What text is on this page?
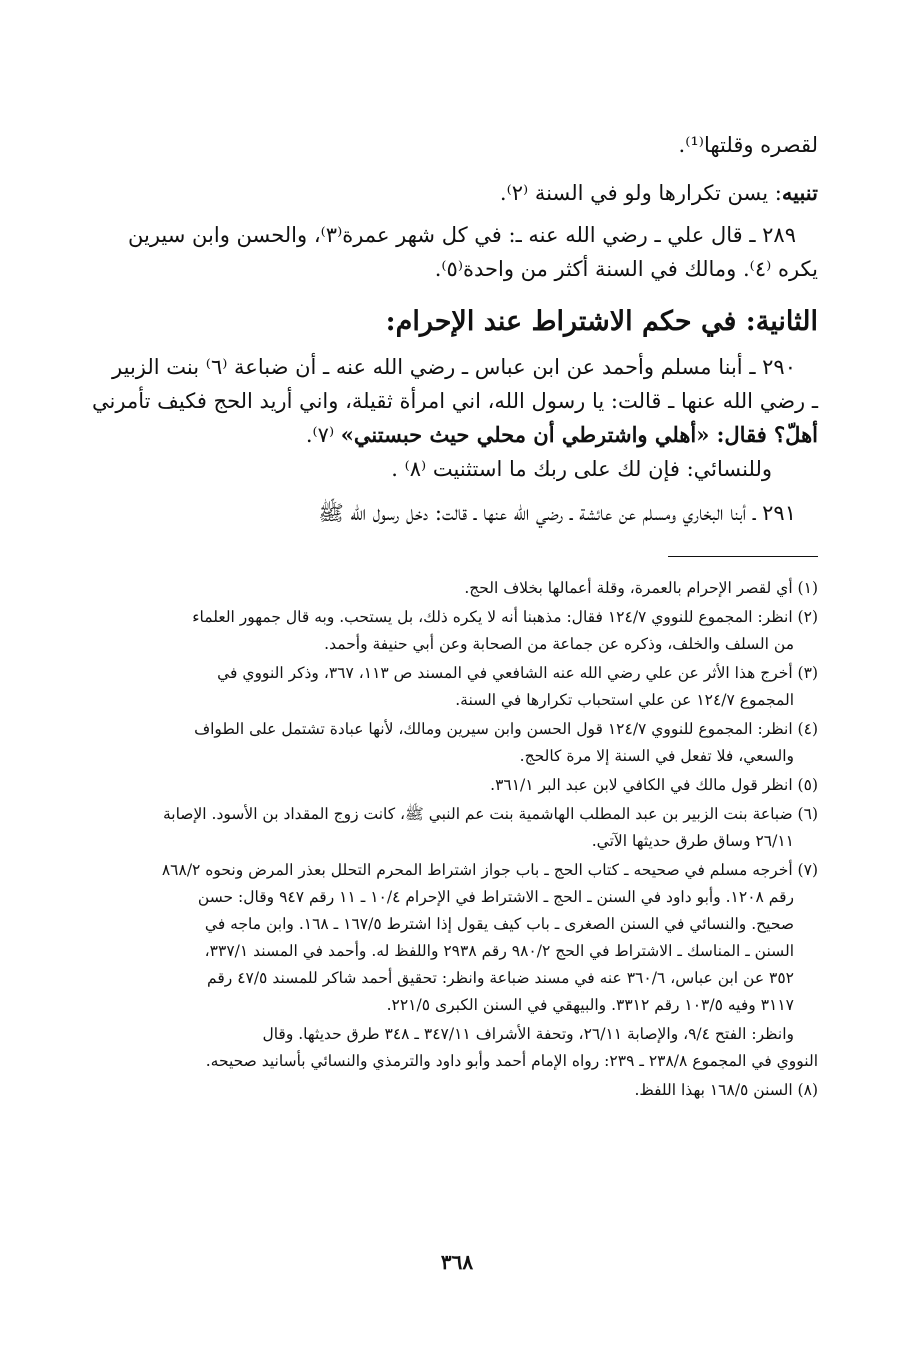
لقصره وقلتها⁽¹⁾.

تنبيه: يسن تكرارها ولو في السنة ⁽٢⁾.

٢٨٩ ـ قال علي ـ رضي الله عنه ـ: في كل شهر عمرة⁽٣⁾، والحسن وابن سيرين

يكره ⁽٤⁾. ومالك في السنة أكثر من واحدة⁽٥⁾.

الثانية: في حكم الاشتراط عند الإحرام:

٢٩٠ ـ أبنا مسلم وأحمد عن ابن عباس ـ رضي الله عنه ـ أن ضباعة ⁽٦⁾ بنت الزبير

ـ رضي الله عنها ـ قالت: يا رسول الله، اني امرأة ثقيلة، واني أريد الحج فكيف تأمرني
أهلّ؟ فقال: «أهلي واشترطي أن محلي حيث حبستني» ⁽٧⁾.

وللنسائي: فإن لك على ربك ما استثنيت ⁽٨⁾ .

٢٩١ ـ أبنا البخاري ومسلم عن عائشة ـ رضي الله عنها ـ قالت: دخل رسول الله ﷺ

(١) أي لقصر الإحرام بالعمرة، وقلة أعمالها بخلاف الحج.
(٢) انظر: المجموع للنووي ١٢٤/٧ فقال: مذهبنا أنه لا يكره ذلك، بل يستحب. وبه قال جمهور العلماء
من السلف والخلف، وذكره عن جماعة من الصحابة وعن أبي حنيفة وأحمد.
(٣) أخرج هذا الأثر عن علي رضي الله عنه الشافعي في المسند ص ١١٣، ٣٦٧، وذكر النووي في
المجموع ١٢٤/٧ عن علي استحباب تكرارها في السنة.
(٤) انظر: المجموع للنووي ١٢٤/٧ قول الحسن وابن سيرين ومالك، لأنها عبادة تشتمل على الطواف
والسعي، فلا تفعل في السنة إلا مرة كالحج.
(٥) انظر قول مالك في الكافي لابن عبد البر ٣٦١/١.
(٦) ضباعة بنت الزبير بن عبد المطلب الهاشمية بنت عم النبي ﷺ، كانت زوج المقداد بن الأسود. الإصابة
٢٦/١١ وساق طرق حديثها الآتي.
(٧) أخرجه مسلم في صحيحه ـ كتاب الحج ـ باب جواز اشتراط المحرم التحلل بعذر المرض ونحوه ٨٦٨/٢
رقم ١٢٠٨. وأبو داود في السنن ـ الحج ـ الاشتراط في الإحرام ١٠/٤ ـ ١١ رقم ٩٤٧ وقال: حسن
صحيح. والنسائي في السنن الصغرى ـ باب كيف يقول إذا اشترط ١٦٧/٥ ـ ١٦٨. وابن ماجه في
السنن ـ المناسك ـ الاشتراط في الحج ٩٨٠/٢ رقم ٢٩٣٨ واللفظ له. وأحمد في المسند ٣٣٧/١،
٣٥٢ عن ابن عباس، ٣٦٠/٦ عنه في مسند ضباعة وانظر: تحقيق أحمد شاكر للمسند ٤٧/٥ رقم
٣١١٧ وفيه ١٠٣/٥ رقم ٣٣١٢. والبيهقي في السنن الكبرى ٢٢١/٥.
وانظر: الفتح ٩/٤، والإصابة ٢٦/١١، وتحفة الأشراف ٣٤٧/١١ ـ ٣٤٨ طرق حديثها. وقال
النووي في المجموع ٢٣٨/٨ ـ ٢٣٩: رواه الإمام أحمد وأبو داود والترمذي والنسائي بأسانيد صحيحه.
(٨) السنن ١٦٨/٥ بهذا اللفظ.
٣٦٨
